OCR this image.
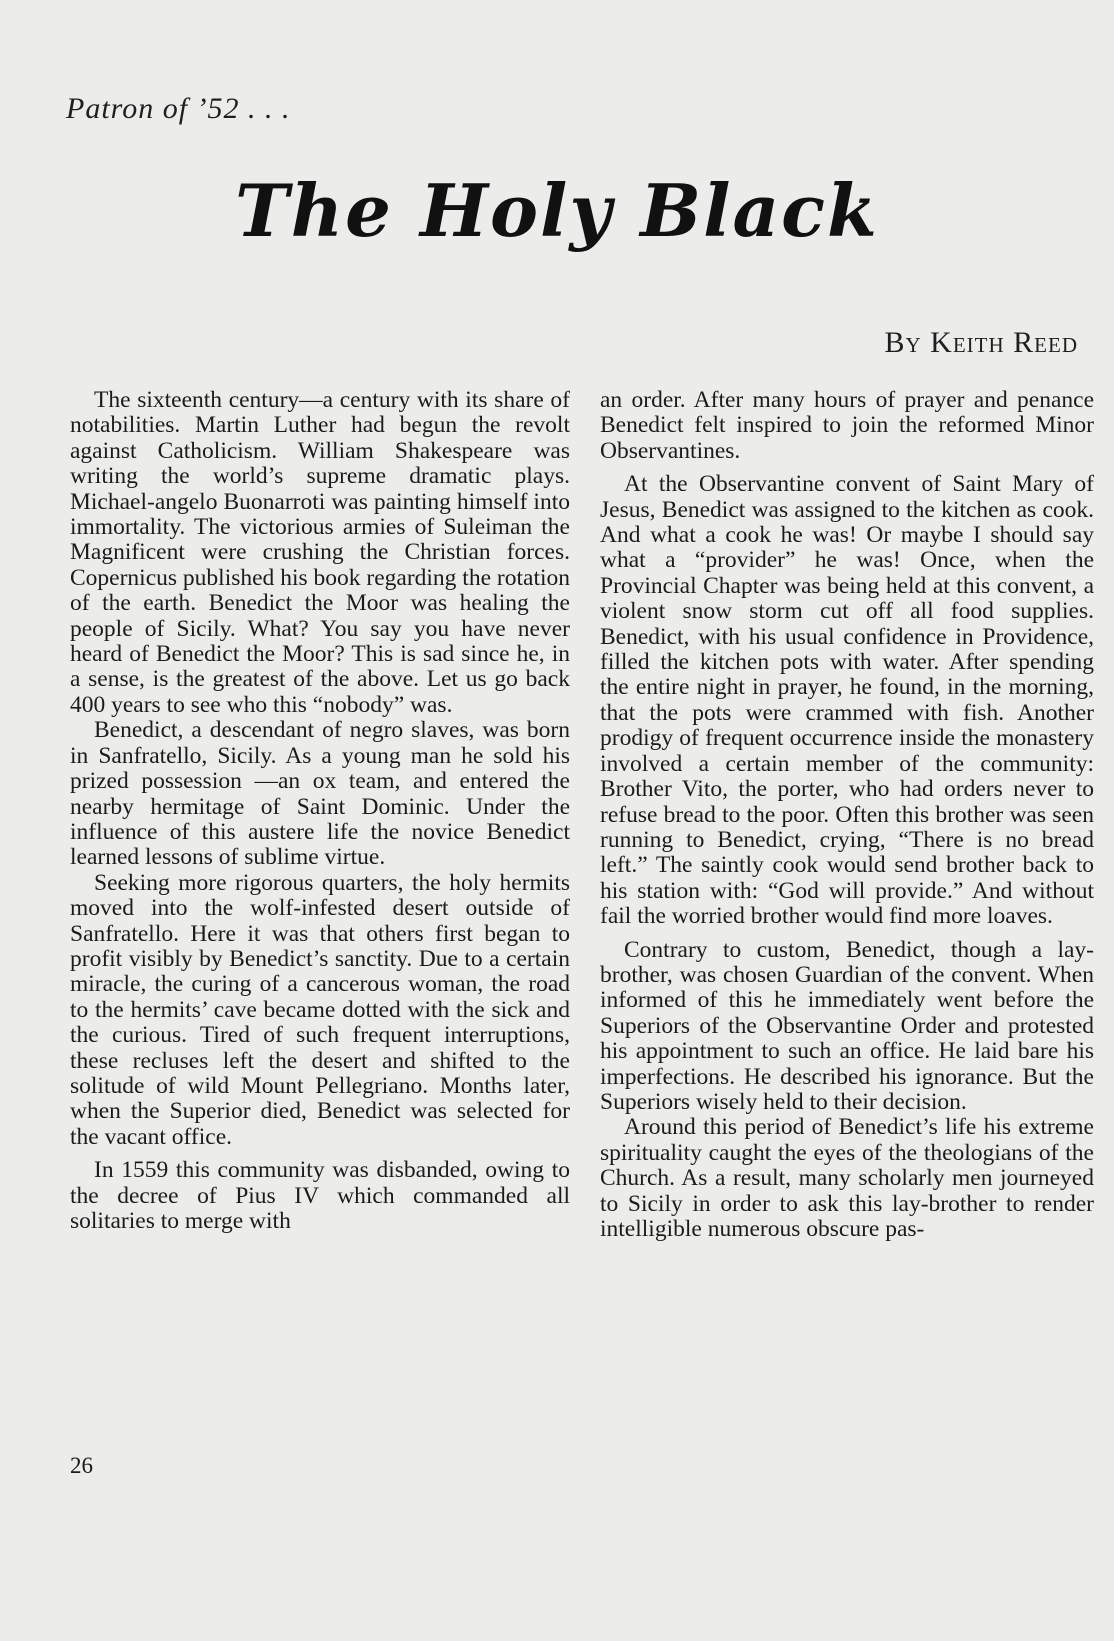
Patron of ’52 . . .
The Holy Black
By Keith Reed

The sixteenth century—a century with its share of notabilities. Martin Luther had begun the revolt against Catholicism. William Shakespeare was writing the world’s supreme dramatic plays. Michael-angelo Buonarroti was painting himself into immortality. The victorious armies of Suleiman the Magnificent were crushing the Christian forces. Copernicus published his book regarding the rotation of the earth. Benedict the Moor was healing the people of Sicily. What? You say you have never heard of Benedict the Moor? This is sad since he, in a sense, is the greatest of the above. Let us go back 400 years to see who this “nobody” was.

Benedict, a descendant of negro slaves, was born in Sanfratello, Sicily. As a young man he sold his prized possession —an ox team, and entered the nearby hermitage of Saint Dominic. Under the influence of this austere life the novice Benedict learned lessons of sublime virtue.

Seeking more rigorous quarters, the holy hermits moved into the wolf-infested desert outside of Sanfratello. Here it was that others first began to profit visibly by Benedict’s sanctity. Due to a certain miracle, the curing of a cancerous woman, the road to the hermits’ cave became dotted with the sick and the curious. Tired of such frequent interruptions, these recluses left the desert and shifted to the solitude of wild Mount Pellegriano. Months later, when the Superior died, Benedict was selected for the vacant office.

In 1559 this community was disbanded, owing to the decree of Pius IV which commanded all solitaries to merge with

an order. After many hours of prayer and penance Benedict felt inspired to join the reformed Minor Observantines.

At the Observantine convent of Saint Mary of Jesus, Benedict was assigned to the kitchen as cook. And what a cook he was! Or maybe I should say what a “provider” he was! Once, when the Provincial Chapter was being held at this convent, a violent snow storm cut off all food supplies. Benedict, with his usual confidence in Providence, filled the kitchen pots with water. After spending the entire night in prayer, he found, in the morning, that the pots were crammed with fish. Another prodigy of frequent occurrence inside the monastery involved a certain member of the community: Brother Vito, the porter, who had orders never to refuse bread to the poor. Often this brother was seen running to Benedict, crying, “There is no bread left.” The saintly cook would send brother back to his station with: “God will provide.” And without fail the worried brother would find more loaves.

Contrary to custom, Benedict, though a lay-brother, was chosen Guardian of the convent. When informed of this he immediately went before the Superiors of the Observantine Order and protested his appointment to such an office. He laid bare his imperfections. He described his ignorance. But the Superiors wisely held to their decision.

Around this period of Benedict’s life his extreme spirituality caught the eyes of the theologians of the Church. As a result, many scholarly men journeyed to Sicily in order to ask this lay-brother to render intelligible numerous obscure pas-

26
